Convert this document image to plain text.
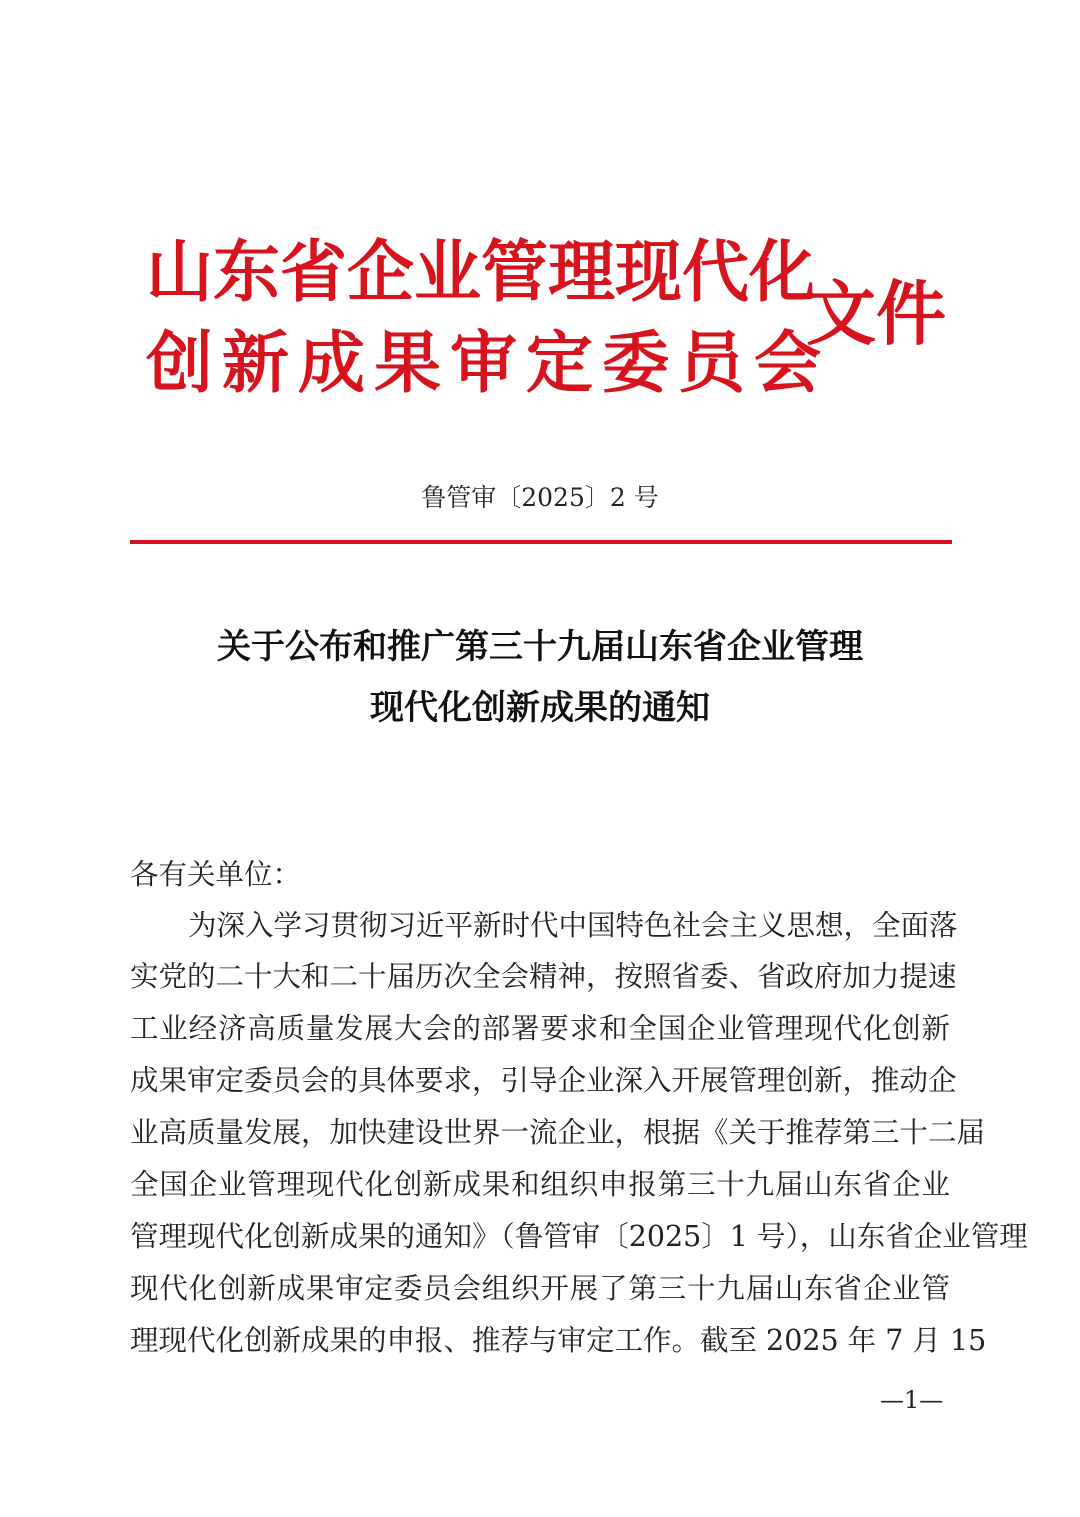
山东省企业管理现代化
创新成果审定委员会
文件
鲁管审〔2025〕2 号
关于公布和推广第三十九届山东省企业管理
现代化创新成果的通知
各有关单位：
为深入学习贯彻习近平新时代中国特色社会主义思想，全面落
实党的二十大和二十届历次全会精神，按照省委、省政府加力提速
工业经济高质量发展大会的部署要求和全国企业管理现代化创新
成果审定委员会的具体要求，引导企业深入开展管理创新，推动企
业高质量发展，加快建设世界一流企业，根据《关于推荐第三十二届
全国企业管理现代化创新成果和组织申报第三十九届山东省企业
管理现代化创新成果的通知》（鲁管审〔2025〕1 号），山东省企业管理
现代化创新成果审定委员会组织开展了第三十九届山东省企业管
理现代化创新成果的申报、推荐与审定工作。截至 2025 年 7 月 15
—1—
